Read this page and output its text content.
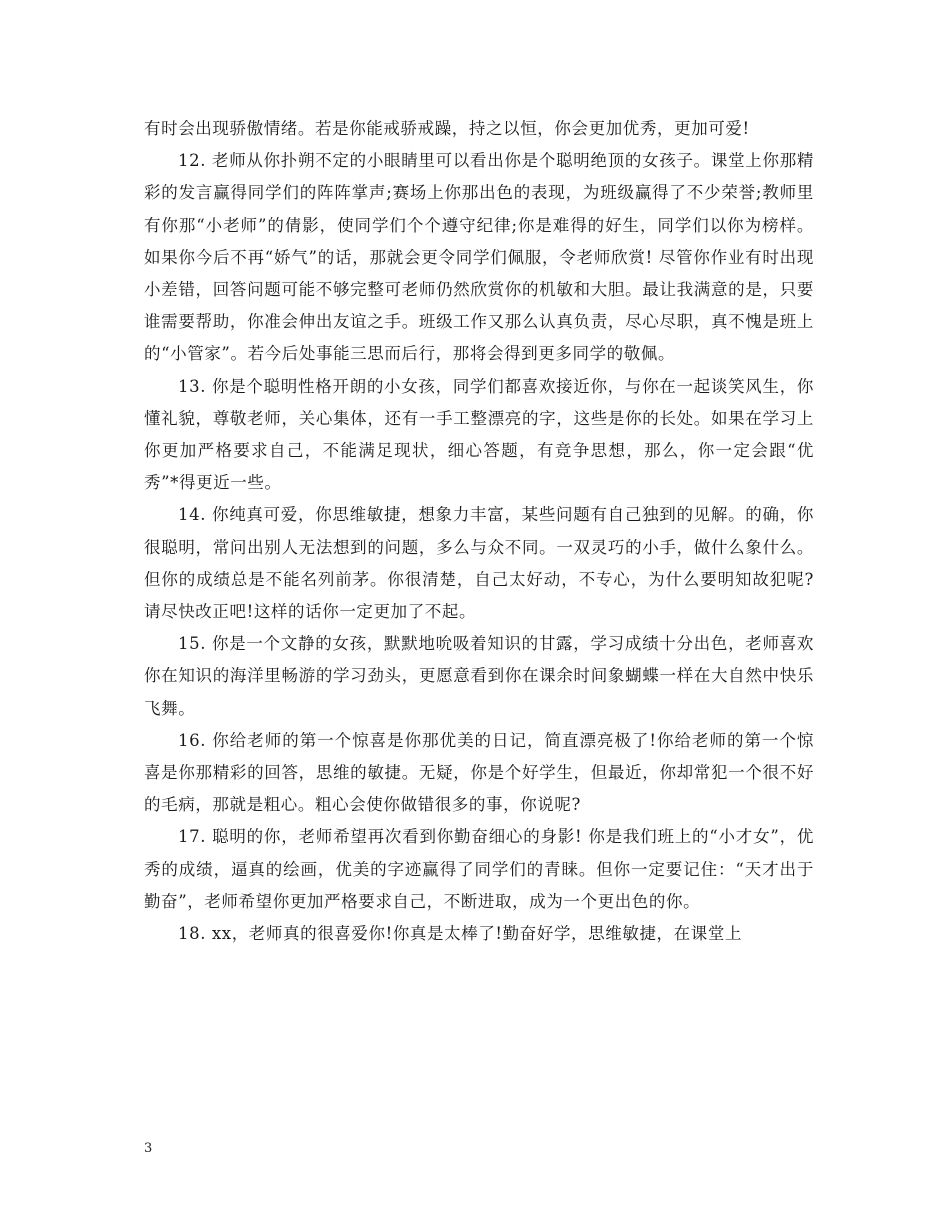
有时会出现骄傲情绪。若是你能戒骄戒躁，持之以恒，你会更加优秀，更加可爱!

12. 老师从你扑朔不定的小眼睛里可以看出你是个聪明绝顶的女孩子。课堂上你那精彩的发言赢得同学们的阵阵掌声;赛场上你那出色的表现，为班级赢得了不少荣誉;教师里有你那“小老师”的倩影，使同学们个个遵守纪律;你是难得的好生，同学们以你为榜样。如果你今后不再“娇气”的话，那就会更令同学们佩服，令老师欣赏! 尽管你作业有时出现小差错，回答问题可能不够完整可老师仍然欣赏你的机敏和大胆。最让我满意的是，只要谁需要帮助，你准会伸出友谊之手。班级工作又那么认真负责，尽心尽职，真不愧是班上的“小管家”。若今后处事能三思而后行，那将会得到更多同学的敬佩。

13. 你是个聪明性格开朗的小女孩，同学们都喜欢接近你，与你在一起谈笑风生，你懂礼貌，尊敬老师，关心集体，还有一手工整漂亮的字，这些是你的长处。如果在学习上你更加严格要求自己，不能满足现状，细心答题，有竞争思想，那么，你一定会跟“优秀”*得更近一些。

14. 你纯真可爱，你思维敏捷，想象力丰富，某些问题有自己独到的见解。的确，你很聪明，常问出别人无法想到的问题，多么与众不同。一双灵巧的小手，做什么象什么。但你的成绩总是不能名列前茅。你很清楚，自己太好动，不专心，为什么要明知故犯呢?请尽快改正吧!这样的话你一定更加了不起。

15. 你是一个文静的女孩，默默地吮吸着知识的甘露，学习成绩十分出色，老师喜欢你在知识的海洋里畅游的学习劲头，更愿意看到你在课余时间象蝴蝶一样在大自然中快乐飞舞。

16. 你给老师的第一个惊喜是你那优美的日记，简直漂亮极了!你给老师的第一个惊喜是你那精彩的回答，思维的敏捷。无疑，你是个好学生，但最近，你却常犯一个很不好的毛病，那就是粗心。粗心会使你做错很多的事，你说呢?

17. 聪明的你，老师希望再次看到你勤奋细心的身影! 你是我们班上的“小才女”，优秀的成绩，逼真的绘画，优美的字迹赢得了同学们的青睐。但你一定要记住：“天才出于勤奋”，老师希望你更加严格要求自己，不断进取，成为一个更出色的你。

18. xx，老师真的很喜爱你!你真是太棒了!勤奋好学，思维敏捷，在课堂上

3
